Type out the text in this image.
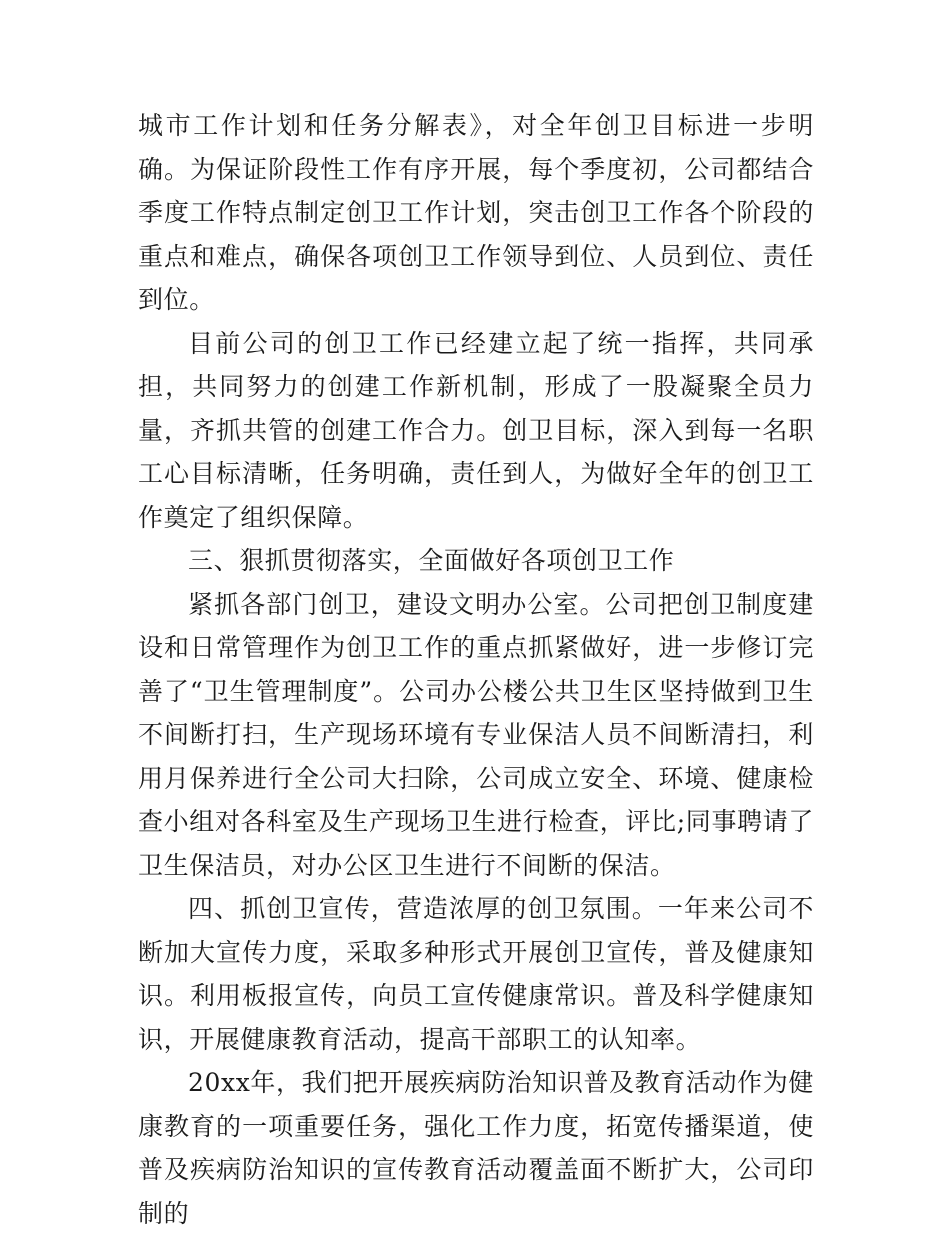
城市工作计划和任务分解表》，对全年创卫目标进一步明确。为保证阶段性工作有序开展，每个季度初，公司都结合季度工作特点制定创卫工作计划，突击创卫工作各个阶段的重点和难点，确保各项创卫工作领导到位、人员到位、责任到位。

目前公司的创卫工作已经建立起了统一指挥，共同承担，共同努力的创建工作新机制，形成了一股凝聚全员力量，齐抓共管的创建工作合力。创卫目标，深入到每一名职工心目标清晰，任务明确，责任到人，为做好全年的创卫工作奠定了组织保障。

三、狠抓贯彻落实，全面做好各项创卫工作

紧抓各部门创卫，建设文明办公室。公司把创卫制度建设和日常管理作为创卫工作的重点抓紧做好，进一步修订完善了“卫生管理制度”。公司办公楼公共卫生区坚持做到卫生不间断打扫，生产现场环境有专业保洁人员不间断清扫，利用月保养进行全公司大扫除，公司成立安全、环境、健康检查小组对各科室及生产现场卫生进行检查，评比;同事聘请了卫生保洁员，对办公区卫生进行不间断的保洁。

四、抓创卫宣传，营造浓厚的创卫氛围。一年来公司不断加大宣传力度，采取多种形式开展创卫宣传，普及健康知识。利用板报宣传，向员工宣传健康常识。普及科学健康知识，开展健康教育活动，提高干部职工的认知率。

20xx年，我们把开展疾病防治知识普及教育活动作为健康教育的一项重要任务，强化工作力度，拓宽传播渠道，使普及疾病防治知识的宣传教育活动覆盖面不断扩大，公司印制的
